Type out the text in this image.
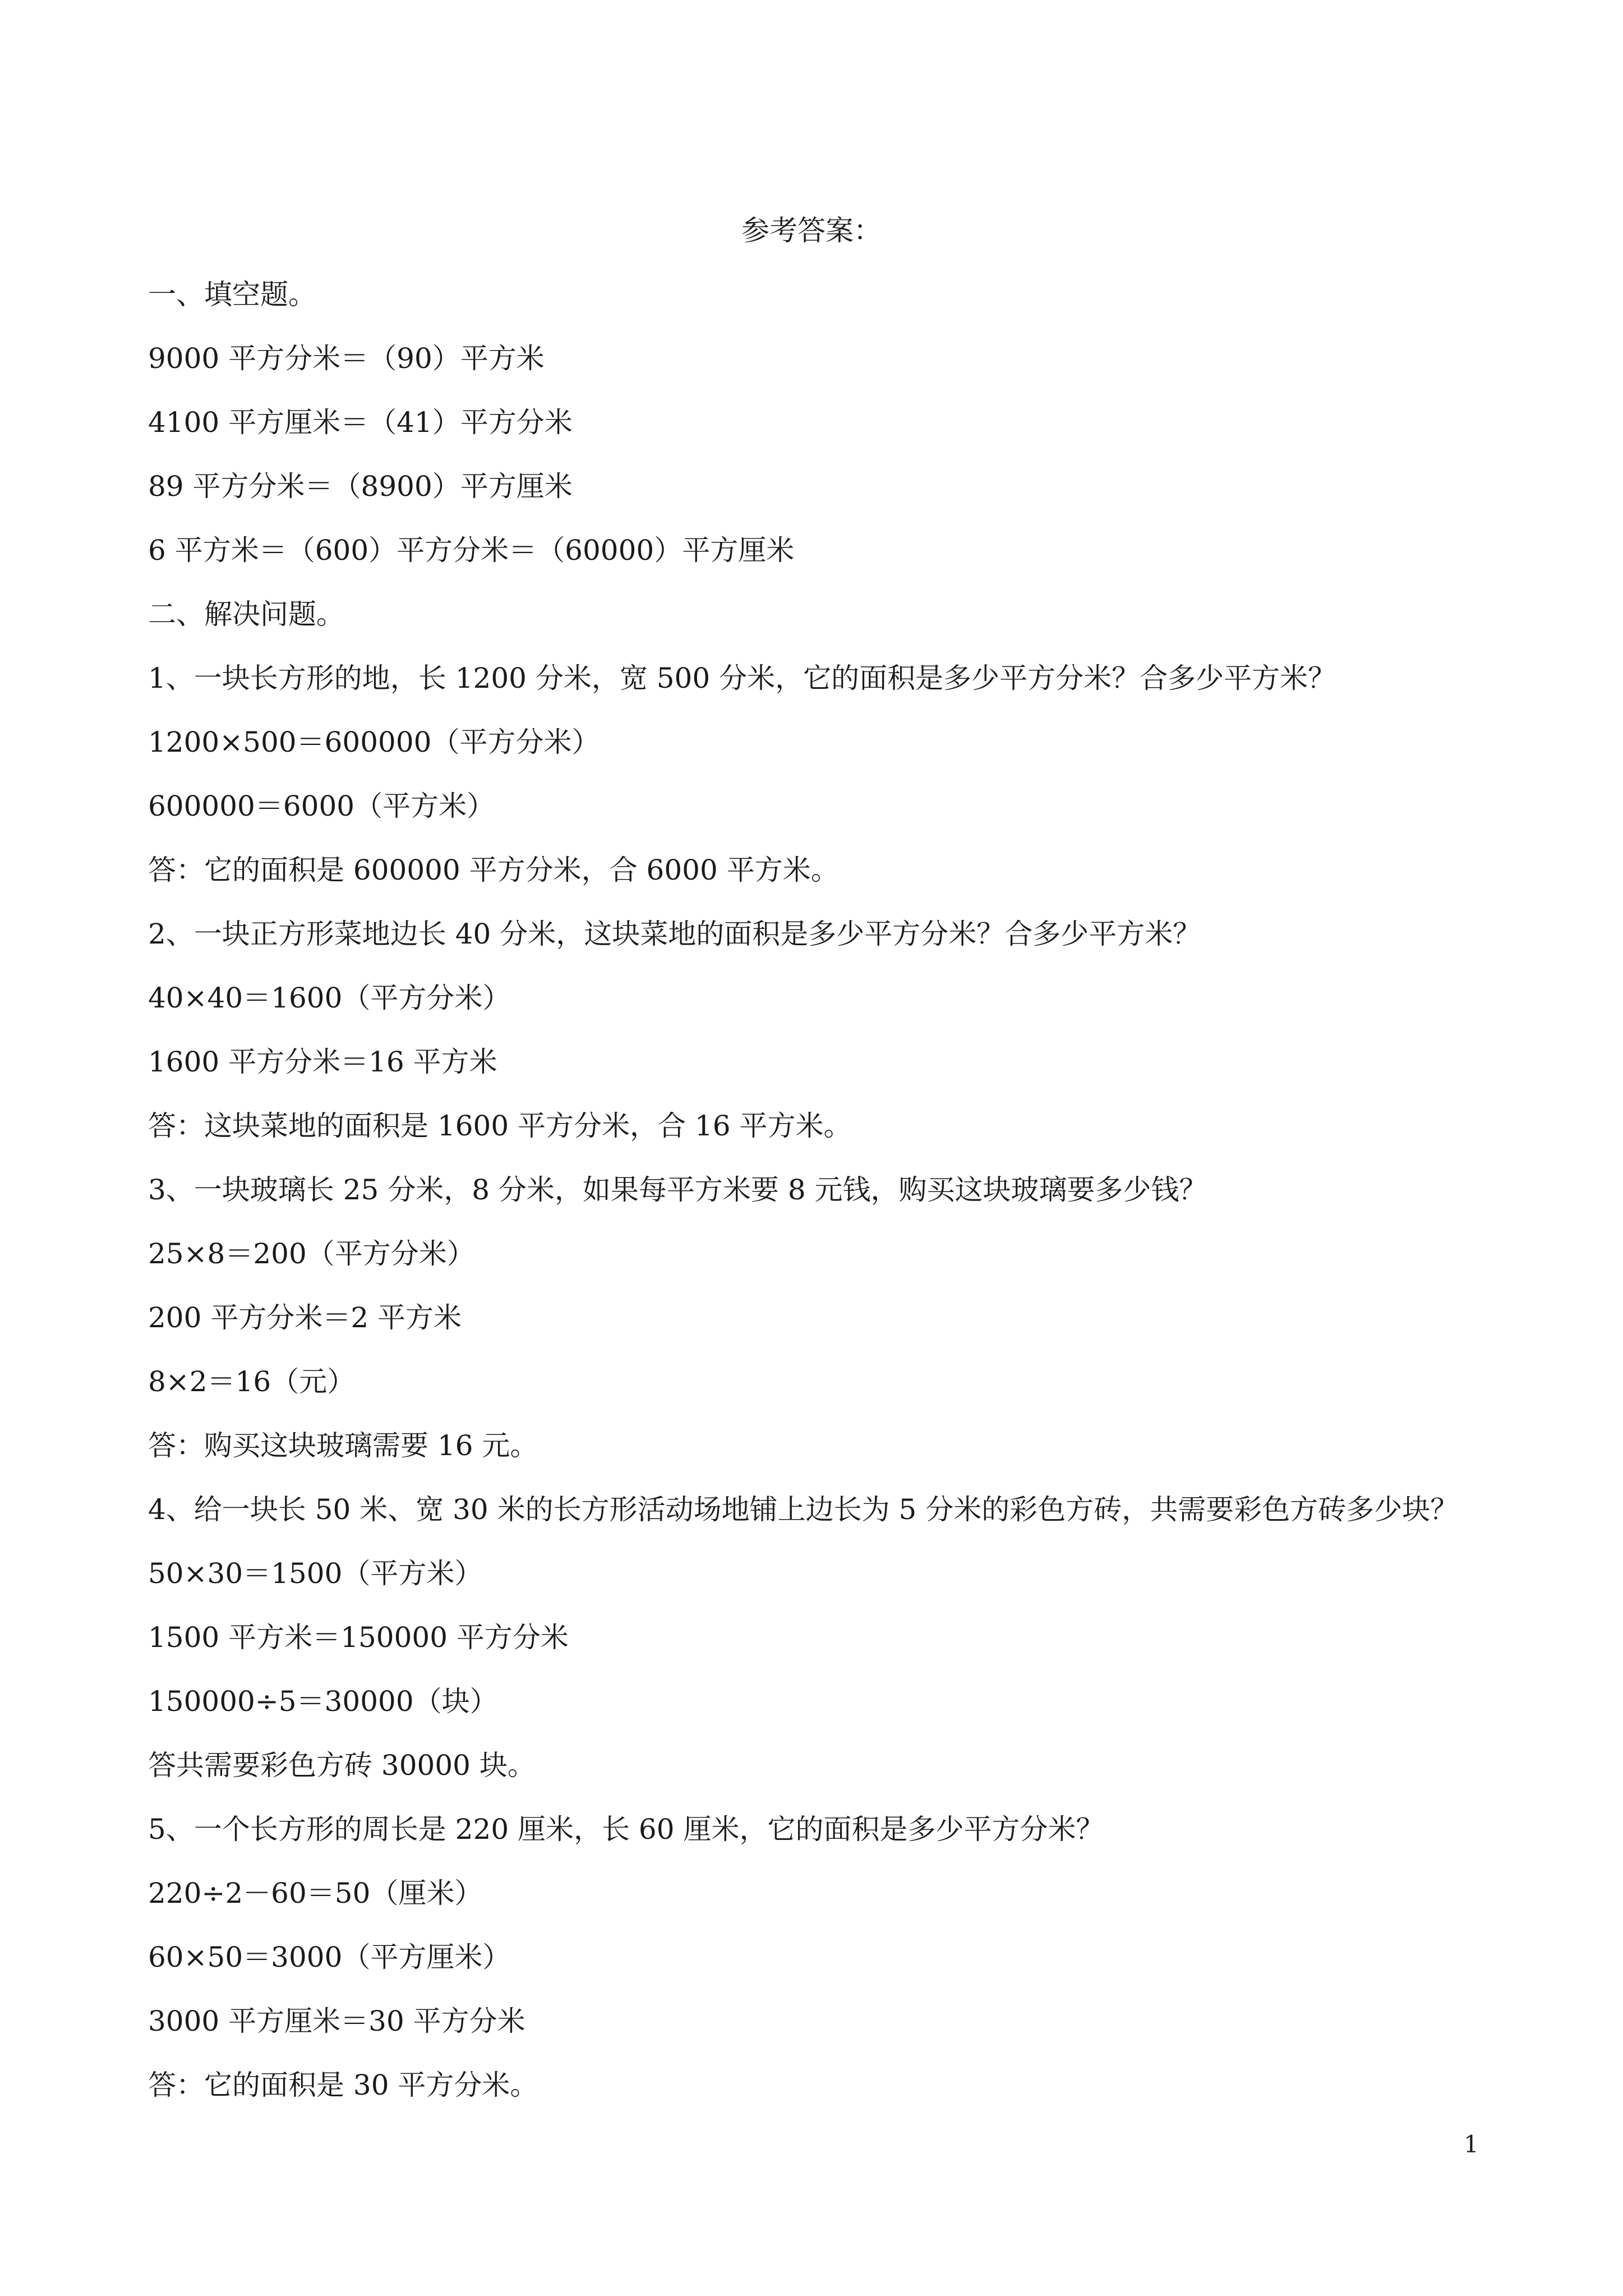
参考答案：
一、填空题。
9000 平方分米＝（90）平方米
4100 平方厘米＝（41）平方分米
89 平方分米＝（8900）平方厘米
6 平方米＝（600）平方分米＝（60000）平方厘米
二、解决问题。
1、一块长方形的地，长 1200 分米，宽 500 分米，它的面积是多少平方分米？合多少平方米？
1200×500＝600000（平方分米）
600000＝6000（平方米）
答：它的面积是 600000 平方分米，合 6000 平方米。
2、一块正方形菜地边长 40 分米，这块菜地的面积是多少平方分米？合多少平方米？
40×40＝1600（平方分米）
1600 平方分米＝16 平方米
答：这块菜地的面积是 1600 平方分米，合 16 平方米。
3、一块玻璃长 25 分米，8 分米，如果每平方米要 8 元钱，购买这块玻璃要多少钱？
25×8＝200（平方分米）
200 平方分米＝2 平方米
8×2＝16（元）
答：购买这块玻璃需要 16 元。
4、给一块长 50 米、宽 30 米的长方形活动场地铺上边长为 5 分米的彩色方砖，共需要彩色方砖多少块？
50×30＝1500（平方米）
1500 平方米＝150000 平方分米
150000÷5＝30000（块）
答共需要彩色方砖 30000 块。
5、一个长方形的周长是 220 厘米，长 60 厘米，它的面积是多少平方分米？
220÷2－60＝50（厘米）
60×50＝3000（平方厘米）
3000 平方厘米＝30 平方分米
答：它的面积是 30 平方分米。
1
